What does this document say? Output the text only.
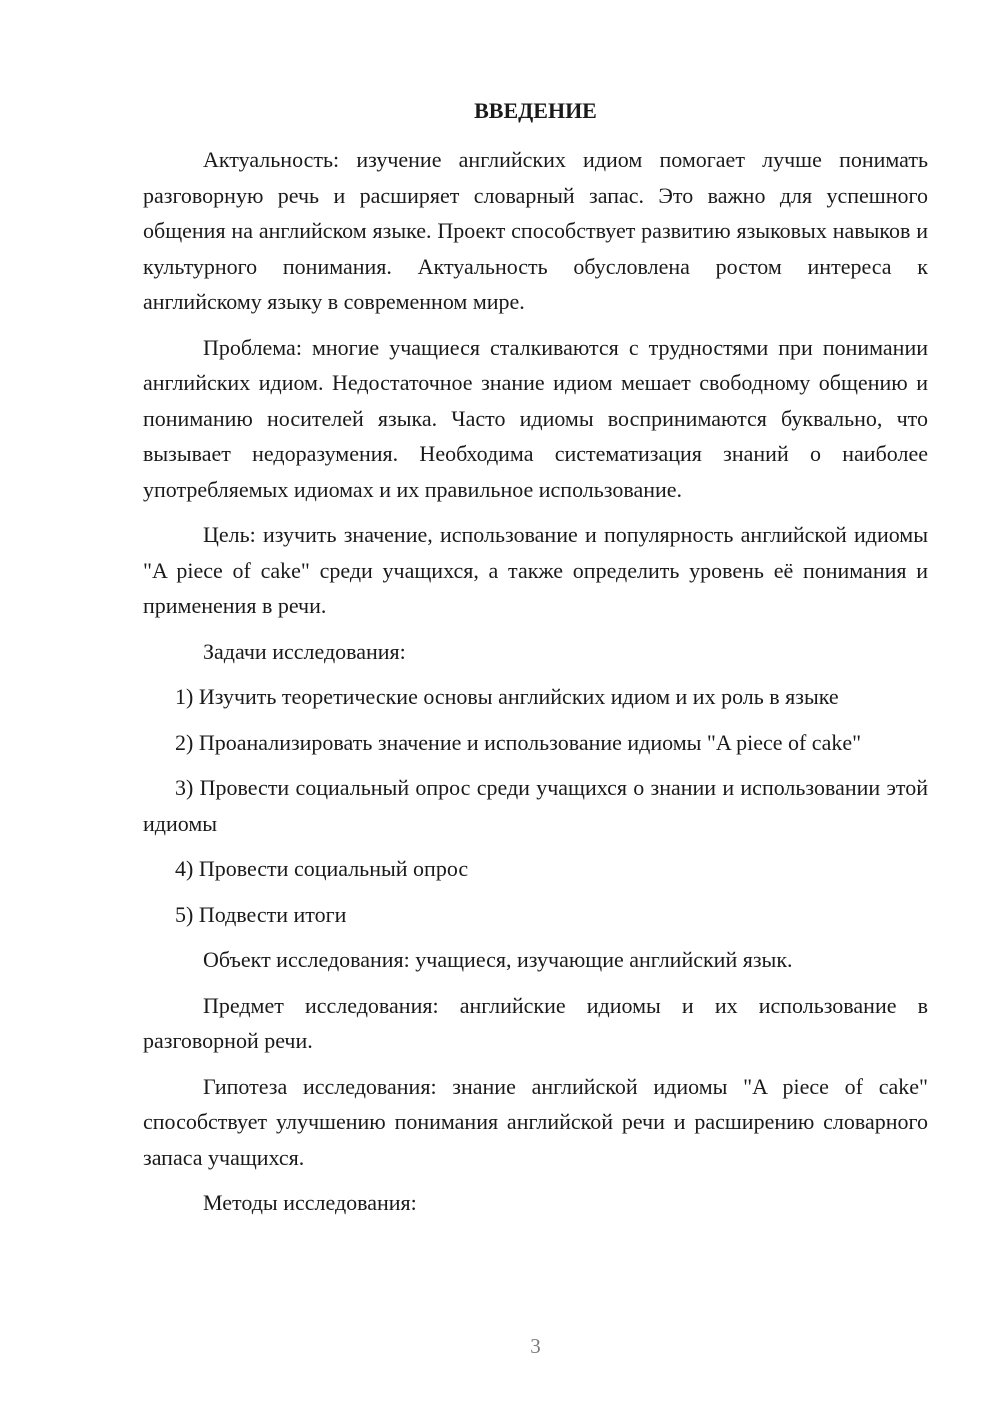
ВВЕДЕНИЕ

Актуальность: изучение английских идиом помогает лучше понимать разговорную речь и расширяет словарный запас. Это важно для успешного общения на английском языке. Проект способствует развитию языковых навыков и культурного понимания. Актуальность обусловлена ростом интереса к английскому языку в современном мире.

Проблема: многие учащиеся сталкиваются с трудностями при понимании английских идиом. Недостаточное знание идиом мешает свободному общению и пониманию носителей языка. Часто идиомы воспринимаются буквально, что вызывает недоразумения. Необходима систематизация знаний о наиболее употребляемых идиомах и их правильное использование.

Цель: изучить значение, использование и популярность английской идиомы "A piece of cake" среди учащихся, а также определить уровень её понимания и применения в речи.

Задачи исследования:

1) Изучить теоретические основы английских идиом и их роль в языке

2) Проанализировать значение и использование идиомы "A piece of cake"

3) Провести социальный опрос среди учащихся о знании и использовании этой идиомы

4) Провести социальный опрос

5) Подвести итоги

Объект исследования: учащиеся, изучающие английский язык.

Предмет исследования: английские идиомы и их использование в разговорной речи.

Гипотеза исследования: знание английской идиомы "A piece of cake" способствует улучшению понимания английской речи и расширению словарного запаса учащихся.

Методы исследования:

3
